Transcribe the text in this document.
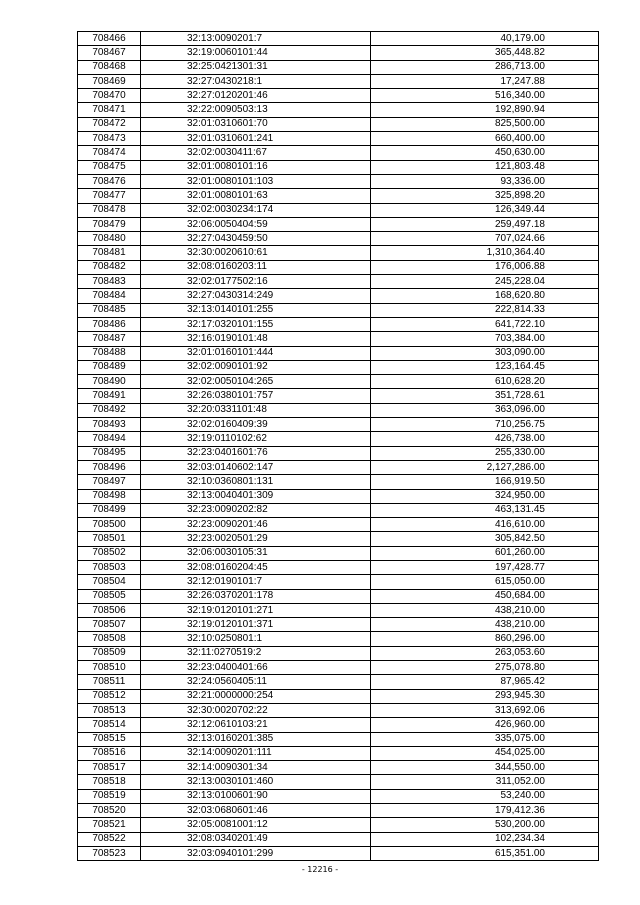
708466	32:13:0090201:7	40,179.00
708467	32:19:0060101:44	365,448.82
708468	32:25:0421301:31	286,713.00
708469	32:27:0430218:1	17,247.88
708470	32:27:0120201:46	516,340.00
708471	32:22:0090503:13	192,890.94
708472	32:01:0310601:70	825,500.00
708473	32:01:0310601:241	660,400.00
708474	32:02:0030411:67	450,630.00
708475	32:01:0080101:16	121,803.48
708476	32:01:0080101:103	93,336.00
708477	32:01:0080101:63	325,898.20
708478	32:02:0030234:174	126,349.44
708479	32:06:0050404:59	259,497.18
708480	32:27:0430459:50	707,024.66
708481	32:30:0020610:61	1,310,364.40
708482	32:08:0160203:11	176,006.88
708483	32:02:0177502:16	245,228.04
708484	32:27:0430314:249	168,620.80
708485	32:13:0140101:255	222,814.33
708486	32:17:0320101:155	641,722.10
708487	32:16:0190101:48	703,384.00
708488	32:01:0160101:444	303,090.00
708489	32:02:0090101:92	123,164.45
708490	32:02:0050104:265	610,628.20
708491	32:26:0380101:757	351,728.61
708492	32:20:0331101:48	363,096.00
708493	32:02:0160409:39	710,256.75
708494	32:19:0110102:62	426,738.00
708495	32:23:0401601:76	255,330.00
708496	32:03:0140602:147	2,127,286.00
708497	32:10:0360801:131	166,919.50
708498	32:13:0040401:309	324,950.00
708499	32:23:0090202:82	463,131.45
708500	32:23:0090201:46	416,610.00
708501	32:23:0020501:29	305,842.50
708502	32:06:0030105:31	601,260.00
708503	32:08:0160204:45	197,428.77
708504	32:12:0190101:7	615,050.00
708505	32:26:0370201:178	450,684.00
708506	32:19:0120101:271	438,210.00
708507	32:19:0120101:371	438,210.00
708508	32:10:0250801:1	860,296.00
708509	32:11:0270519:2	263,053.60
708510	32:23:0400401:66	275,078.80
708511	32:24:0560405:11	87,965.42
708512	32:21:0000000:254	293,945.30
708513	32:30:0020702:22	313,692.06
708514	32:12:0610103:21	426,960.00
708515	32:13:0160201:385	335,075.00
708516	32:14:0090201:111	454,025.00
708517	32:14:0090301:34	344,550.00
708518	32:13:0030101:460	311,052.00
708519	32:13:0100601:90	53,240.00
708520	32:03:0680601:46	179,412.36
708521	32:05:0081001:12	530,200.00
708522	32:08:0340201:49	102,234.34
708523	32:03:0940101:299	615,351.00
- 12216 -
